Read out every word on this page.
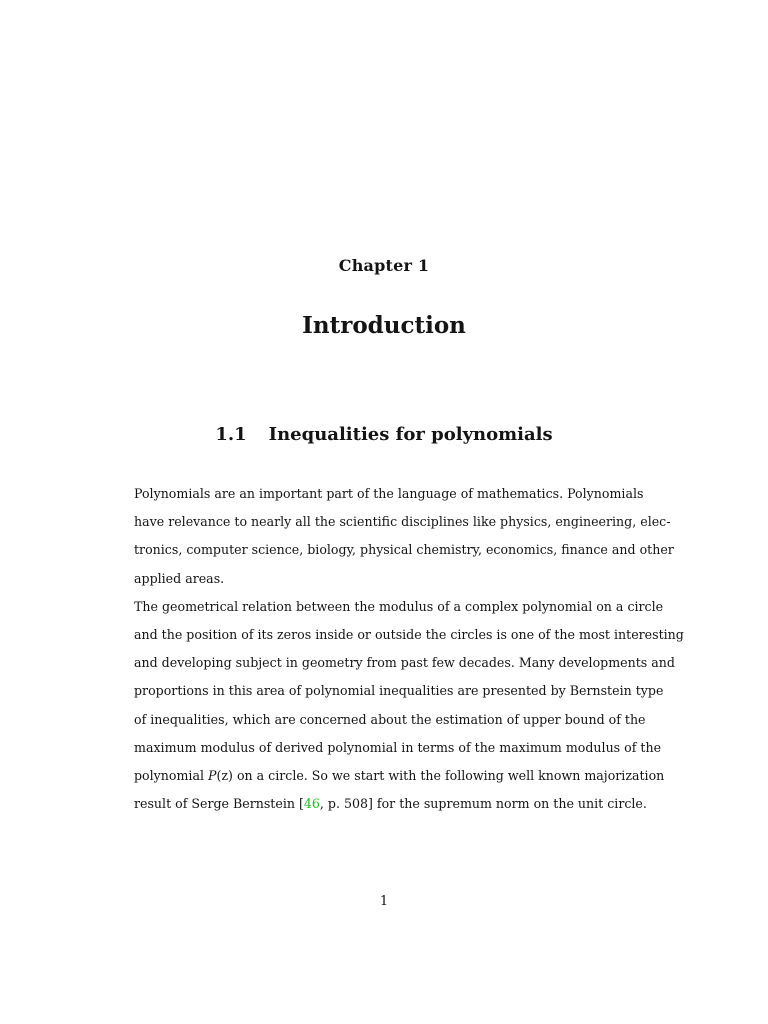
Chapter 1
Introduction
1.1 Inequalities for polynomials
Polynomials are an important part of the language of mathematics. Polynomials
have relevance to nearly all the scientific disciplines like physics, engineering, elec-
tronics, computer science, biology, physical chemistry, economics, finance and other
applied areas.
The geometrical relation between the modulus of a complex polynomial on a circle
and the position of its zeros inside or outside the circles is one of the most interesting
and developing subject in geometry from past few decades. Many developments and
proportions in this area of polynomial inequalities are presented by Bernstein type
of inequalities, which are concerned about the estimation of upper bound of the
maximum modulus of derived polynomial in terms of the maximum modulus of the
polynomial P(z) on a circle. So we start with the following well known majorization
result of Serge Bernstein [46, p. 508] for the supremum norm on the unit circle.
1
